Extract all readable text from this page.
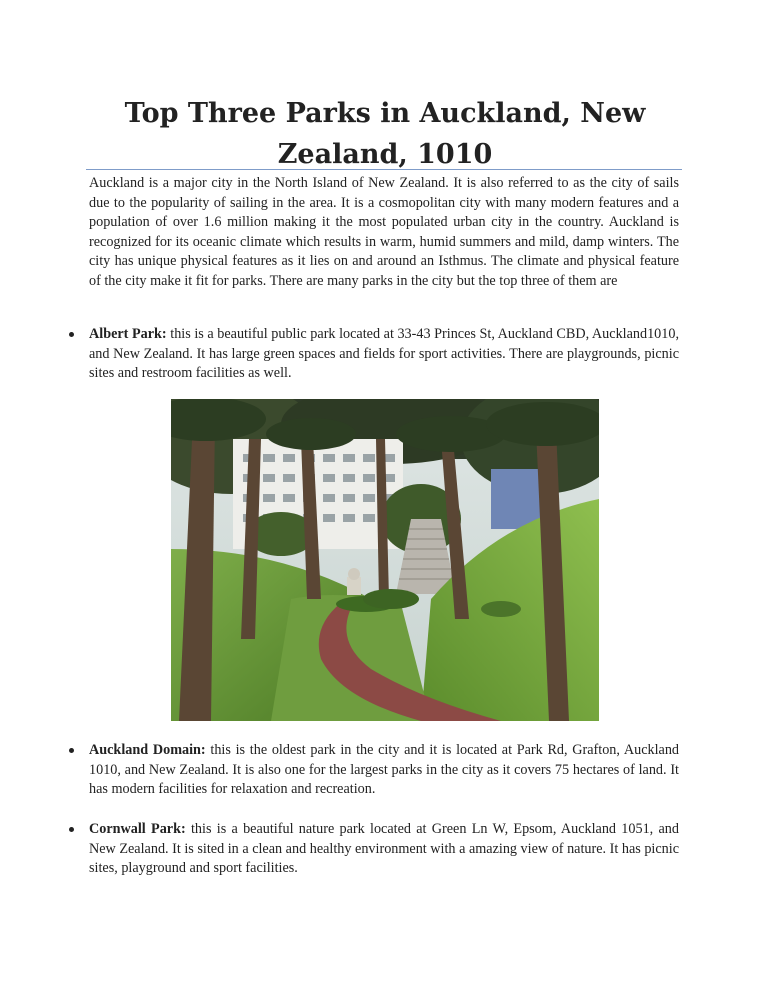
Top Three Parks in Auckland, New Zealand, 1010

Auckland is a major city in the North Island of New Zealand. It is also referred to as the city of sails due to the popularity of sailing in the area. It is a cosmopolitan city with many modern features and a population of over 1.6 million making it the most populated urban city in the country. Auckland is recognized for its oceanic climate which results in warm, humid summers and mild, damp winters. The city has unique physical features as it lies on and around an Isthmus. The climate and physical feature of the city make it fit for parks. There are many parks in the city but the top three of them are

Albert Park: this is a beautiful public park located at 33-43 Princes St, Auckland CBD, Auckland1010, and New Zealand. It has large green spaces and fields for sport activities. There are playgrounds, picnic sites and restroom facilities as well.
Auckland Domain: this is the oldest park in the city and it is located at Park Rd, Grafton, Auckland 1010, and New Zealand. It is also one for the largest parks in the city as it covers 75 hectares of land. It has modern facilities for relaxation and recreation.
Cornwall Park: this is a beautiful nature park located at Green Ln W, Epsom, Auckland 1051, and New Zealand. It is sited in a clean and healthy environment with a amazing view of nature. It has picnic sites, playground and sport facilities.
